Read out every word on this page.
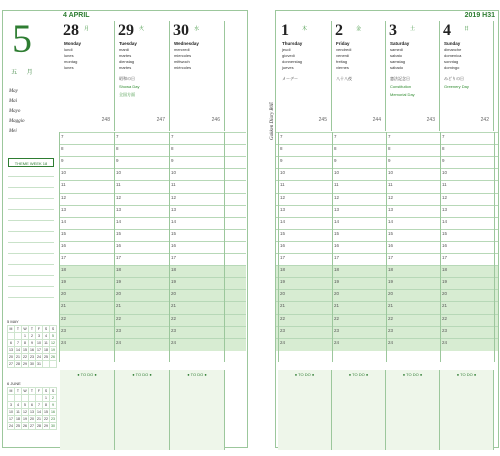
4 APRIL
5
五 月
May
Mai
Mayo
Maggio
Mei
THEME WEEK 18
5 MAY
M	T	W	T	F	S	S
		1	2	3	4	5
6	7	8	9	10	11	12
13	14	15	16	17	18	19
20	21	22	23	24	25	26
27	28	29	30	31		
6 JUNE
M	T	W	T	F	S	S
					1	2
3	4	5	6	7	8	9
10	11	12	13	14	15	16
17	18	19	20	21	22	23
24	25	26	27	28	29	30
28 月
Monday
lundi
lunes
montag
lunes
248
29 火
Tuesday
mardi
martes
dienstag
martes
昭和の日
Showa Day
全国方面
247
30 水
Wednesday
mercredi
miercoles
mittwoch
miércoles
246
7	7	7
8	8	8
9	9	9
10	10	10
11	11	11
12	12	12
13	13	13
14	14	14
15	15	15
16	16	16
17	17	17
18	18	18
19	19	19
20	20	20
21	21	21
22	22	22
23	23	23
24	24	24
● TO DO ●	● TO DO ●	● TO DO ●
2019 H31
1	木
Thursday
jeudi
giovedì
donnerstag
jueves
メーデー
245
2	金
Friday
vendredi
venerdì
freitag
viernes
八十八夜
244
3	土
Saturday
samedi
sabato
samstag
sábado
憲法記念日
Constitution
Memorial Day
243
4	日
Sunday
dimanche
domenica
sonntag
domingo
みどりの日
Greenery Day
242
7	7	7	7
8	8	8	8
9	9	9	9
10	10	10	10
11	11	11	11
12	12	12	12
13	13	13	13
14	14	14	14
15	15	15	15
16	16	16	16
17	17	17	17
18	18	18	18
19	19	19	19
20	20	20	20
21	21	21	21
22	22	22	22
23	23	23	23
24	24	24	24
● TO DO ●	● TO DO ●	● TO DO ●	● TO DO ●
Gakken Diary B0E
